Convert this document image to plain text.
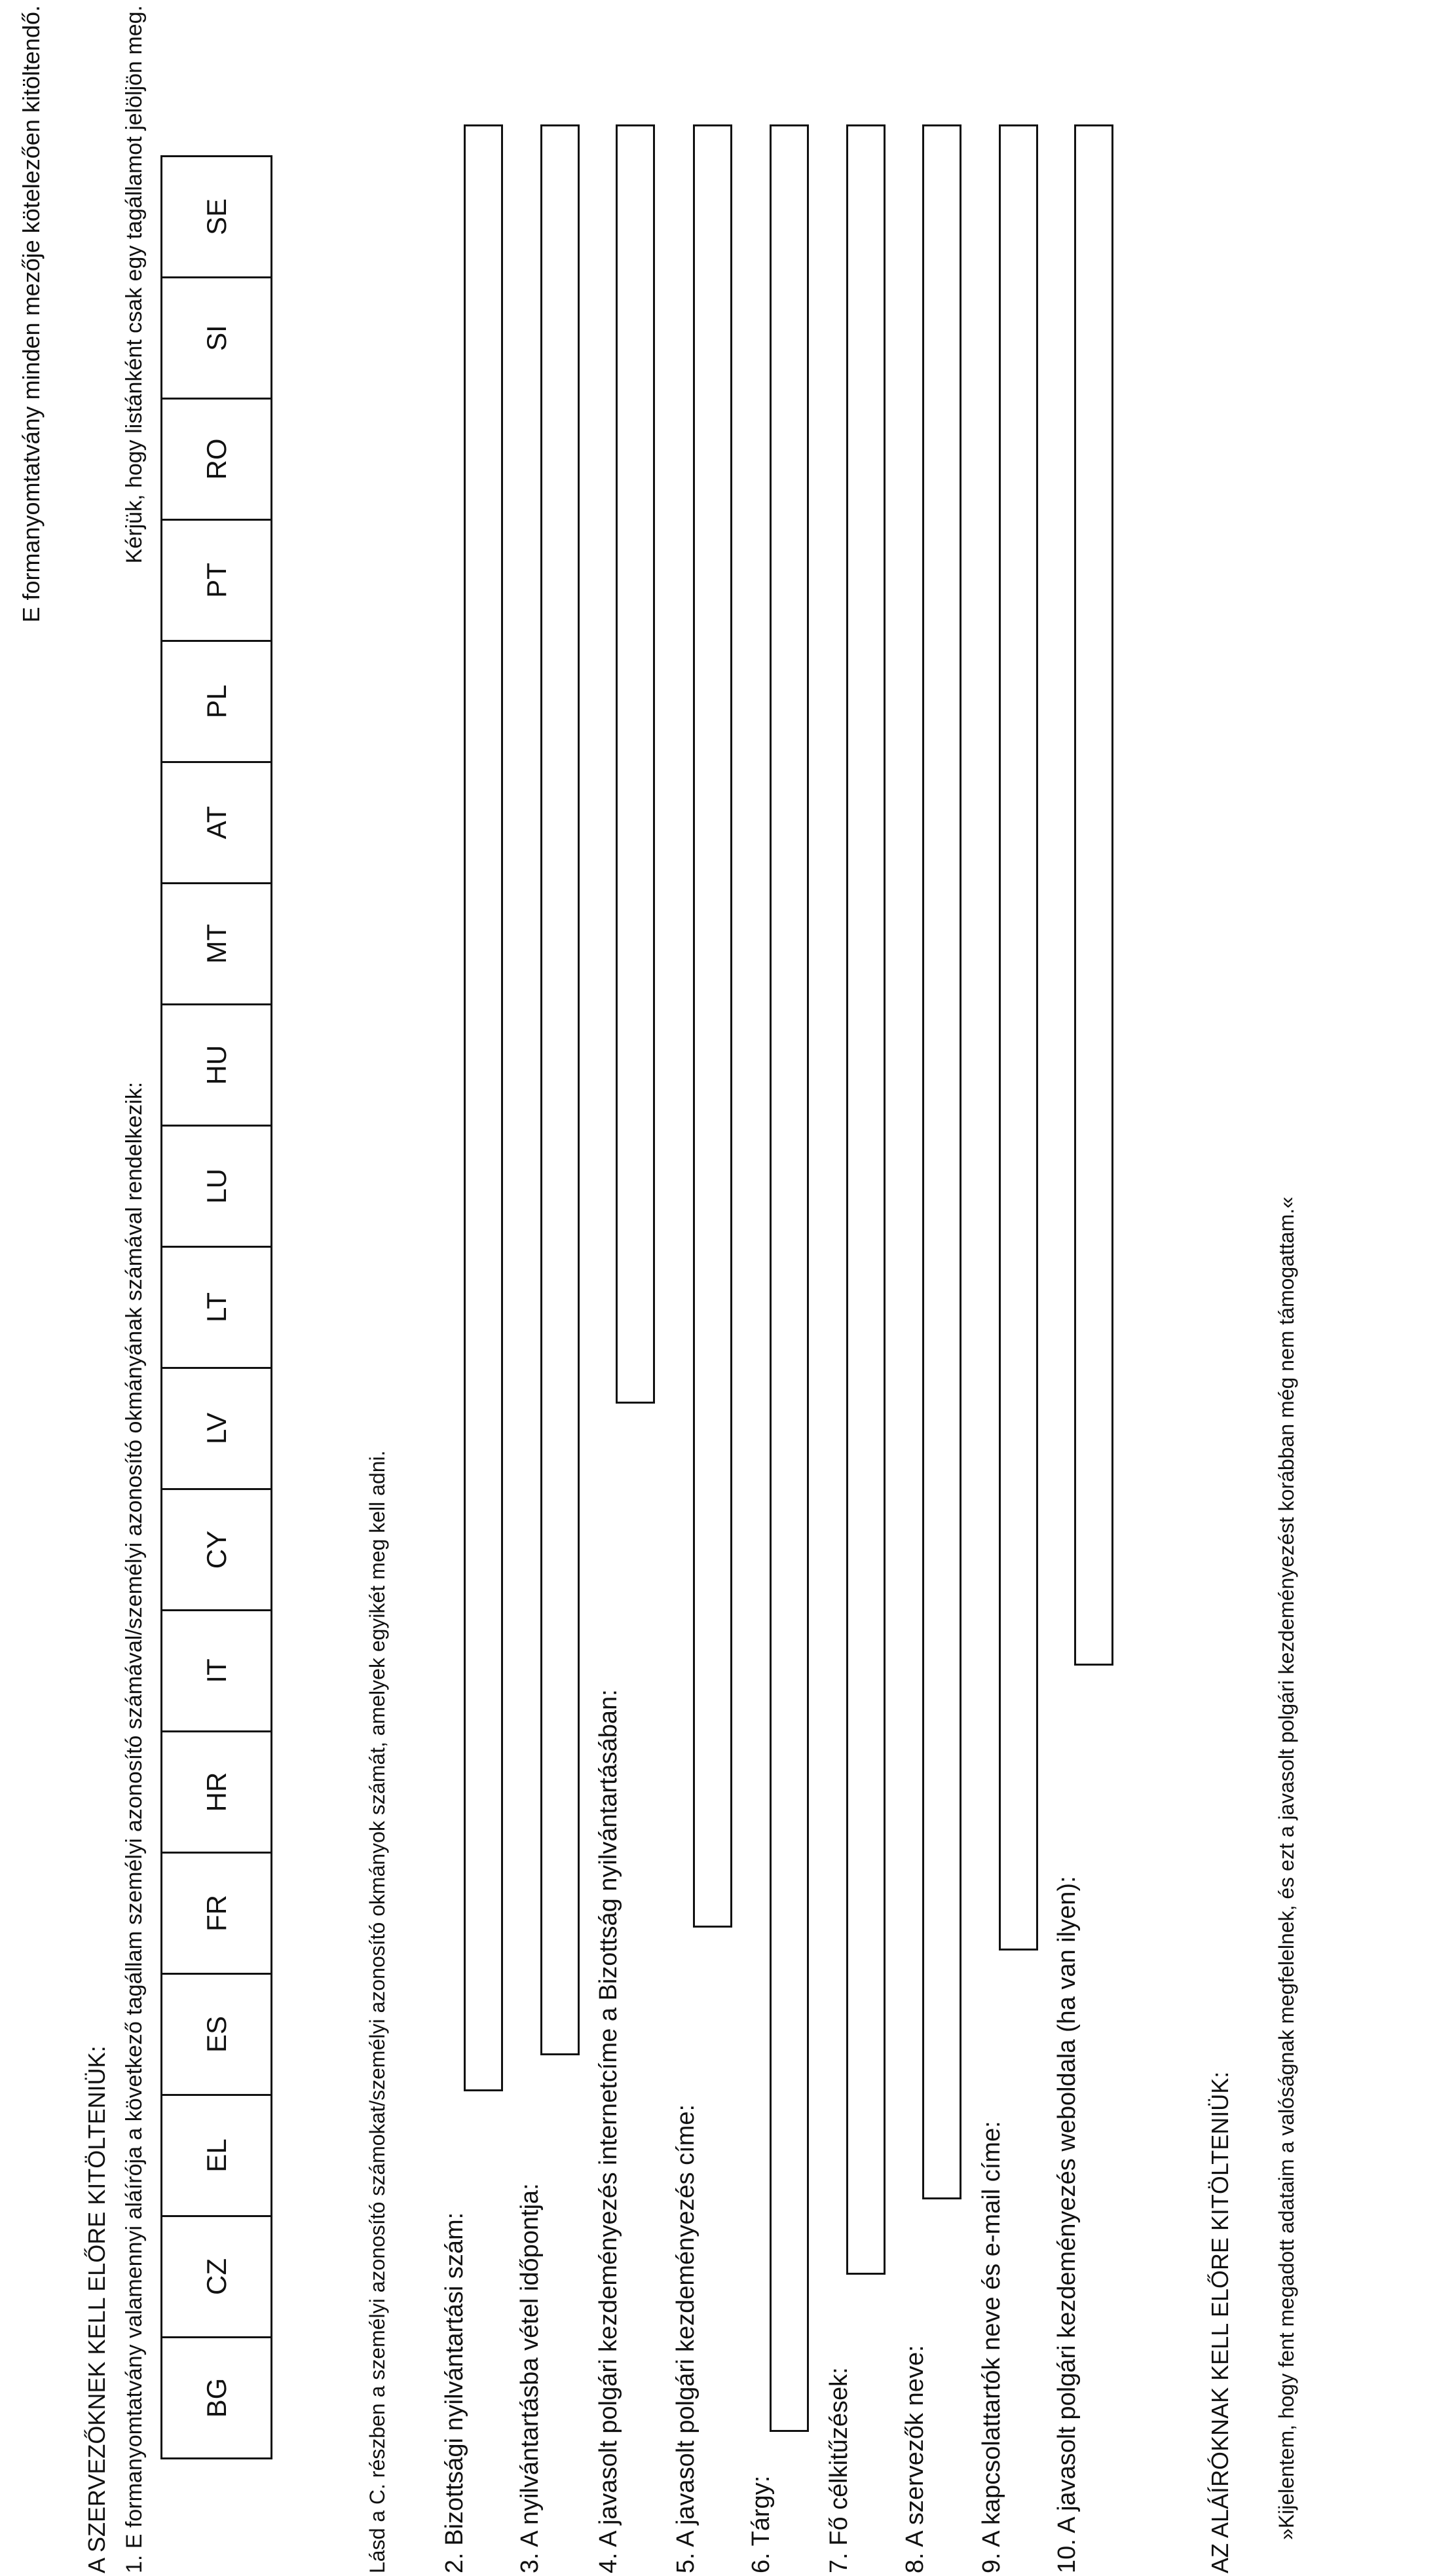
E formanyomtatvány minden mezője kötelezően kitöltendő.
A SZERVEZŐKNEK KELL ELŐRE KITÖLTENIÜK: 1. E formanyomtatvány valamennyi aláírója a következő tagállam személyi azonosító számával/személyi azonosító okmányának számával rendelkezik:
Kérjük, hogy listánként csak egy tagállamot jelöljön meg.
BG	CZ	EL	ES	FR	HR	IT	CY	LV	LT	LU	HU	MT	AT	PL	PT	RO	SI	SE
Lásd a C. részben a személyi azonosító számokat/személyi azonosító okmányok számát, amelyek egyikét meg kell adni. 2. Bizottsági nyilvántartási szám: 3. A nyilvántartásba vétel időpontja: 4. A javasolt polgári kezdeményezés internetcíme a Bizottság nyilvántartásában: 5. A javasolt polgári kezdeményezés címe: 6. Tárgy: 7. Fő célkitűzések: 8. A szervezők neve: 9. A kapcsolattartók neve és e-mail címe: 10. A javasolt polgári kezdeményezés weboldala (ha van ilyen):	AZ ALÁÍRÓKNAK KELL ELŐRE KITÖLTENIÜK: »Kijelentem, hogy fent megadott adataim a valóságnak megfelelnek, és ezt a javasolt polgári kezdeményezést korábban még nem támogattam.«
